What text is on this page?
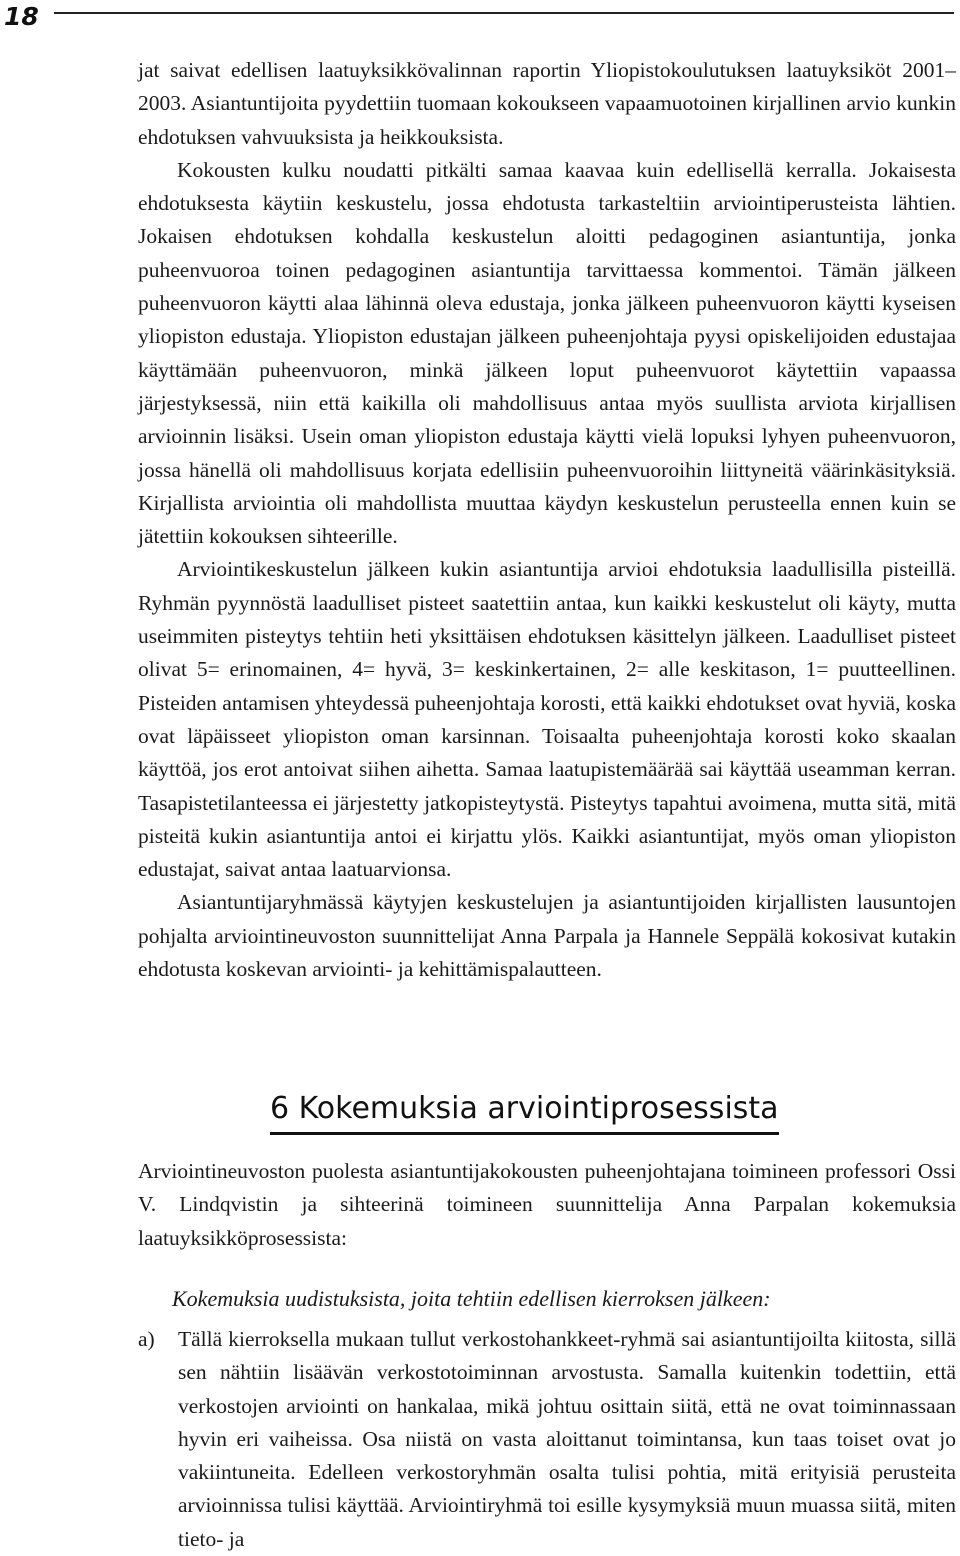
18

jat saivat edellisen laatuyksikkövalinnan raportin Yliopistokoulutuksen laatuyksiköt 2001–2003. Asiantuntijoita pyydettiin tuomaan kokoukseen vapaamuotoinen kirjallinen arvio kunkin ehdotuksen vahvuuksista ja heikkouksista.

Kokousten kulku noudatti pitkälti samaa kaavaa kuin edellisellä kerralla. Jokaisesta ehdotuksesta käytiin keskustelu, jossa ehdotusta tarkasteltiin arviointiperusteista lähtien. Jokaisen ehdotuksen kohdalla keskustelun aloitti pedagoginen asiantuntija, jonka puheenvuoroa toinen pedagoginen asiantuntija tarvittaessa kommentoi. Tämän jälkeen puheenvuoron käytti alaa lähinnä oleva edustaja, jonka jälkeen puheenvuoron käytti kyseisen yliopiston edustaja. Yliopiston edustajan jälkeen puheenjohtaja pyysi opiskelijoiden edustajaa käyttämään puheenvuoron, minkä jälkeen loput puheenvuorot käytettiin vapaassa järjestyksessä, niin että kaikilla oli mahdollisuus antaa myös suullista arviota kirjallisen arvioinnin lisäksi. Usein oman yliopiston edustaja käytti vielä lopuksi lyhyen puheenvuoron, jossa hänellä oli mahdollisuus korjata edellisiin puheenvuoroihin liittyneitä väärinkäsityksiä. Kirjallista arviointia oli mahdollista muuttaa käydyn keskustelun perusteella ennen kuin se jätettiin kokouksen sihteerille.

Arviointikeskustelun jälkeen kukin asiantuntija arvioi ehdotuksia laadullisilla pisteillä. Ryhmän pyynnöstä laadulliset pisteet saatettiin antaa, kun kaikki keskustelut oli käyty, mutta useimmiten pisteytys tehtiin heti yksittäisen ehdotuksen käsittelyn jälkeen. Laadulliset pisteet olivat 5= erinomainen, 4= hyvä, 3= keskinkertainen, 2= alle keskitason, 1= puutteellinen. Pisteiden antamisen yhteydessä puheenjohtaja korosti, että kaikki ehdotukset ovat hyviä, koska ovat läpäisseet yliopiston oman karsinnan. Toisaalta puheenjohtaja korosti koko skaalan käyttöä, jos erot antoivat siihen aihetta. Samaa laatupistemäärää sai käyttää useamman kerran. Tasapistetilanteessa ei järjestetty jatkopisteytystä. Pisteytys tapahtui avoimena, mutta sitä, mitä pisteitä kukin asiantuntija antoi ei kirjattu ylös. Kaikki asiantuntijat, myös oman yliopiston edustajat, saivat antaa laatuarvionsa.

Asiantuntijaryhmässä käytyjen keskustelujen ja asiantuntijoiden kirjallisten lausuntojen pohjalta arviointineuvoston suunnittelijat Anna Parpala ja Hannele Seppälä kokosivat kutakin ehdotusta koskevan arviointi- ja kehittämispalautteen.

6 Kokemuksia arviointiprosessista

Arviointineuvoston puolesta asiantuntijakokousten puheenjohtajana toimineen professori Ossi V. Lindqvistin ja sihteerinä toimineen suunnittelija Anna Parpalan kokemuksia laatuyksikköprosessista:

Kokemuksia uudistuksista, joita tehtiin edellisen kierroksen jälkeen:
a) Tällä kierroksella mukaan tullut verkostohankkeet-ryhmä sai asiantuntijoilta kiitosta, sillä sen nähtiin lisäävän verkostotoiminnan arvostusta. Samalla kuitenkin todettiin, että verkostojen arviointi on hankalaa, mikä johtuu osittain siitä, että ne ovat toiminnassaan hyvin eri vaiheissa. Osa niistä on vasta aloittanut toimintansa, kun taas toiset ovat jo vakiintuneita. Edelleen verkostoryhmän osalta tulisi pohtia, mitä erityisiä perusteita arvioinnissa tulisi käyttää. Arviointiryhmä toi esille kysymyksiä muun muassa siitä, miten tieto- ja
